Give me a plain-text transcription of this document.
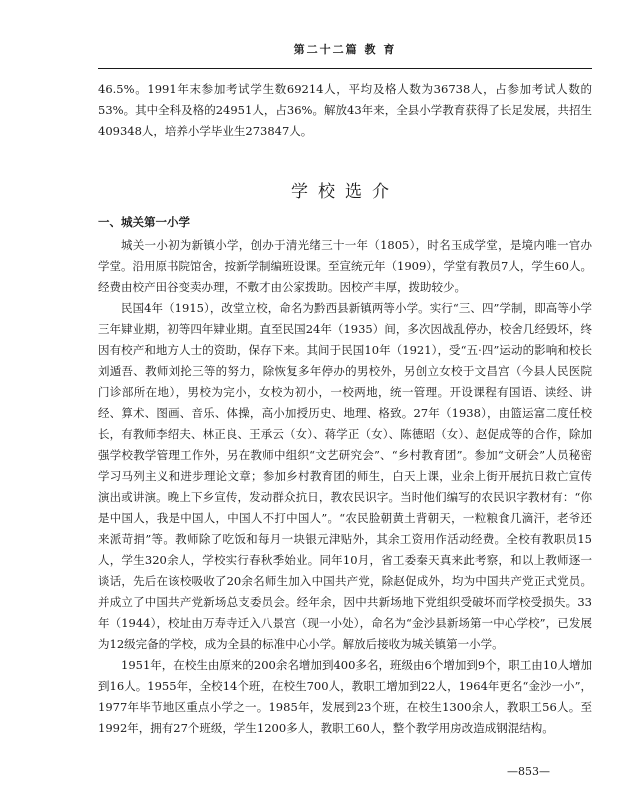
第二十二篇 教 育

46.5%。1991年末参加考试学生数69214人，平均及格人数为36738人，占参加考试人数的53%。其中全科及格的24951人，占36%。解放43年来，全县小学教育获得了长足发展，共招生409348人，培养小学毕业生273847人。

学校选介
一、城关第一小学

城关一小初为新镇小学，创办于清光绪三十一年（1805），时名玉成学堂，是境内唯一官办学堂。沿用原书院馆舍，按新学制编班设课。至宣统元年（1909），学堂有教员7人，学生60人。经费由校产田谷变卖办理，不敷才由公家拨助。因校产丰厚，拨助较少。

民国4年（1915），改堂立校，命名为黔西县新镇两等小学。实行“三、四”学制，即高等小学三年肄业期，初等四年肄业期。直至民国24年（1935）间，多次因战乱停办，校舍几经毁坏，终因有校产和地方人士的资助，保存下来。其间于民国10年（1921），受“五·四”运动的影响和校长刘遁吾、教师刘抡三等的努力，除恢复多年停办的男校外，另创立女校于文昌宫（今县人民医院门诊部所在地），男校为完小，女校为初小，一校两地，统一管理。开设课程有国语、读经、讲经、算术、图画、音乐、体操，高小加授历史、地理、格致。27年（1938），由篮运富二度任校长，有教师李绍夫、林正良、王承云（女）、蒋学正（女）、陈德昭（女）、赵促成等的合作，除加强学校教学管理工作外，另在教师中组织“文艺研究会”、“乡村教育团”。参加“文研会”人员秘密学习马列主义和进步理论文章；参加乡村教育团的师生，白天上课，业余上街开展抗日救亡宣传演出或讲演。晚上下乡宣传，发动群众抗日，教农民识字。当时他们编写的农民识字教材有：“你是中国人，我是中国人，中国人不打中国人”。“农民脸朝黄土背朝天，一粒粮食几滴汗，老爷还来派苛捐”等。教师除了吃饭和每月一块银元津贴外，其余工资用作活动经费。全校有教职员15人，学生320余人，学校实行春秋季始业。同年10月，省工委秦天真来此考察，和以上教师逐一谈话，先后在该校吸收了20余名师生加入中国共产党，除赵促成外，均为中国共产党正式党员。并成立了中国共产党新场总支委员会。经年余，因中共新场地下党组织受破坏而学校受损失。33年（1944），校址由万寿寺迁入八景宫（现一小处），命名为“金沙县新场第一中心学校”，已发展为12级完备的学校，成为全县的标准中心小学。解放后接收为城关镇第一小学。

1951年，在校生由原来的200余名增加到400多名，班级由6个增加到9个，职工由10人增加到16人。1955年，全校14个班，在校生700人，教职工增加到22人，1964年更名“金沙一小”，1977年毕节地区重点小学之一。1985年，发展到23个班，在校生1300余人，教职工56人。至1992年，拥有27个班级，学生1200多人，教职工60人，整个教学用房改造成钢混结构。

—853—
